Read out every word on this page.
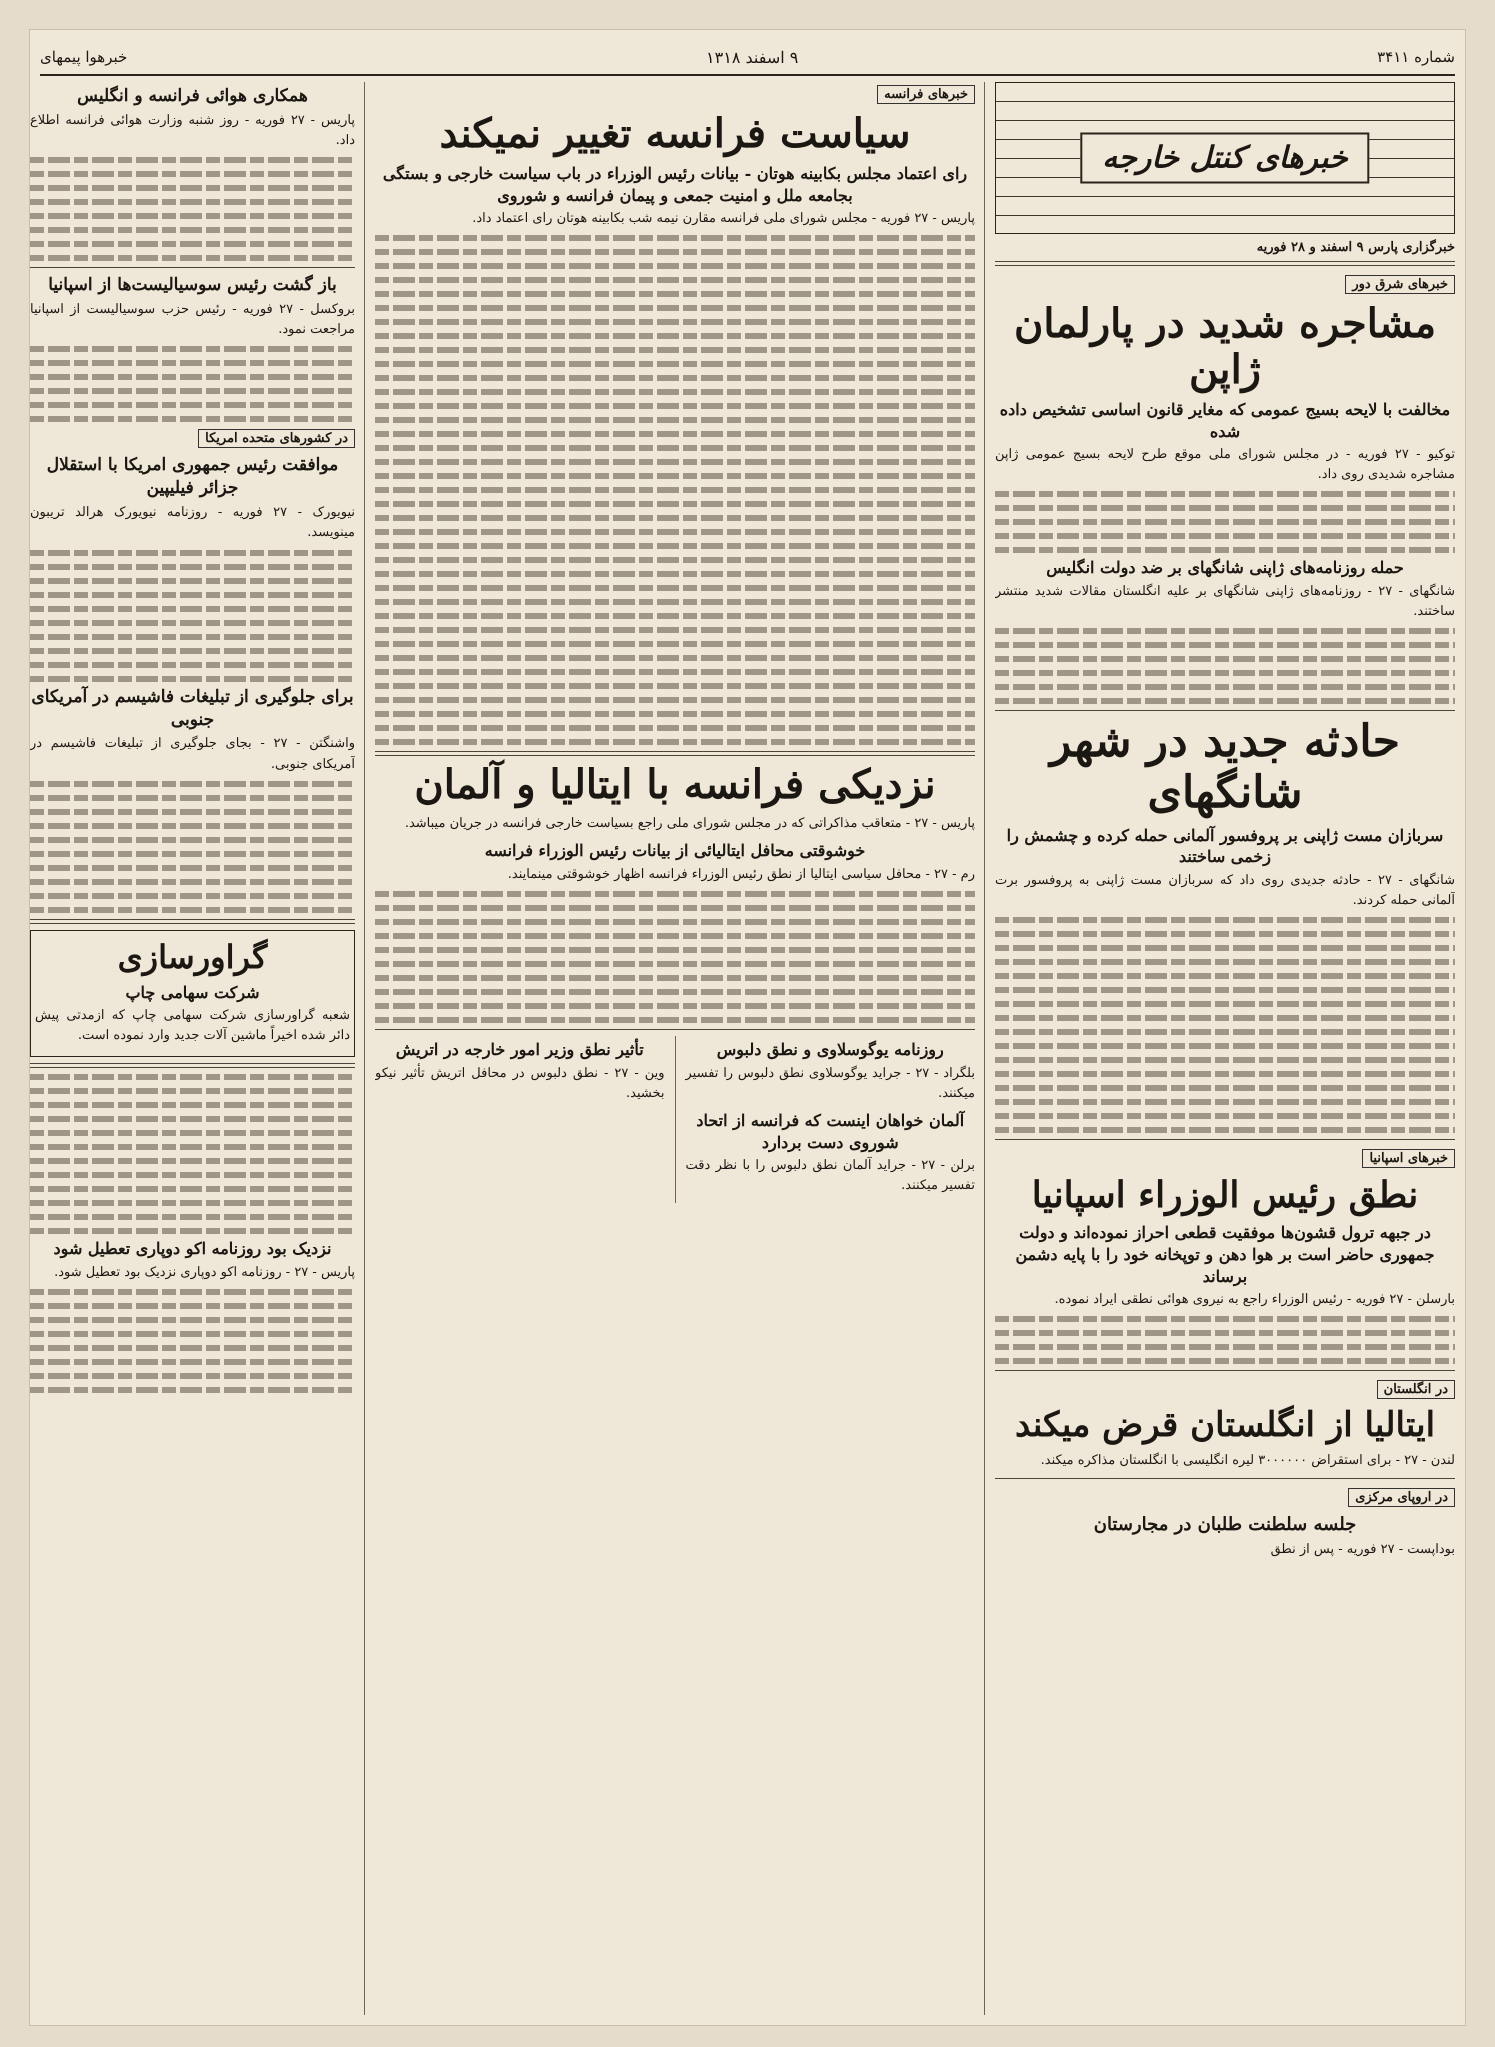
شماره ۳۴۱۱
۹ اسفند ۱۳۱۸
خبرهوا پیمهای
خبرهای کنتل خارجه
خبرگزاری پارس ۹ اسفند و ۲۸ فوریه
خبرهای شرق دور
مشاجره شدید در پارلمان ژاپن
مخالفت با لایحه بسیج عمومی که مغایر قانون اساسی تشخیص داده شده
توکیو - ۲۷ فوریه - در مجلس شورای ملی موقع طرح لایحه بسیج عمومی ژاپن مشاجره شدیدی روی داد.
حمله روزنامه‌های ژاپنی شانگهای بر ضد دولت انگلیس
شانگهای - ۲۷ - روزنامه‌های ژاپنی شانگهای بر علیه انگلستان مقالات شدید منتشر ساختند.
حادثه جدید در شهر شانگهای
سربازان مست ژاپنی بر پروفسور آلمانی حمله کرده و چشمش را زخمی ساختند
شانگهای - ۲۷ - حادثه جدیدی روی داد که سربازان مست ژاپنی به پروفسور برت آلمانی حمله کردند.
خبرهای اسپانیا
نطق رئیس الوزراء اسپانیا
در جبهه ترول قشون‌ها موفقیت قطعی احراز نموده‌اند و دولت جمهوری حاضر است بر هوا دهن و توپخانه خود را با پایه دشمن برساند
بارسلن - ۲۷ فوریه - رئیس الوزراء راجع به نیروی هوائی نطقی ایراد نموده.
در انگلستان
ایتالیا از انگلستان قرض میکند
لندن - ۲۷ - برای استقراض ۳۰۰۰۰۰۰ لیره انگلیسی با انگلستان مذاکره میکند.
در اروپای مرکزی
جلسه سلطنت طلبان در مجارستان
بوداپست - ۲۷ فوریه - پس از نطق
خبرهای فرانسه
سیاست فرانسه تغییر نمیکند
رای اعتماد مجلس بکابینه هوتان - بیانات رئیس الوزراء در باب سیاست خارجی و بستگی بجامعه ملل و امنیت جمعی و پیمان فرانسه و شوروی
پاریس - ۲۷ فوریه - مجلس شورای ملی فرانسه مقارن نیمه شب بکابینه هوتان رای اعتماد داد.
نزدیکی فرانسه با ایتالیا و آلمان
پاریس - ۲۷ - متعاقب مذاکراتی که در مجلس شورای ملی راجع بسیاست خارجی فرانسه در جریان میباشد.
خوشوقتی محافل ایتالیائی از بیانات رئیس الوزراء فرانسه
رم - ۲۷ - محافل سیاسی ایتالیا از نطق رئیس الوزراء فرانسه اظهار خوشوقتی مینمایند.
روزنامه یوگوسلاوی و نطق دلبوس
بلگراد - ۲۷ - جراید یوگوسلاوی نطق دلبوس را تفسیر میکنند.
آلمان خواهان اینست که فرانسه از اتحاد شوروی دست بردارد
برلن - ۲۷ - جراید آلمان نطق دلبوس را با نظر دقت تفسیر میکنند.
تأثیر نطق وزیر امور خارجه در اتریش
وین - ۲۷ - نطق دلبوس در محافل اتریش تأثیر نیکو بخشید.
همکاری هوائی فرانسه و انگلیس
پاریس - ۲۷ فوریه - روز شنبه وزارت هوائی فرانسه اطلاع داد.
باز گشت رئیس سوسیالیست‌ها از اسپانیا
بروکسل - ۲۷ فوریه - رئیس حزب سوسیالیست از اسپانیا مراجعت نمود.
در کشورهای متحده امریکا
موافقت رئیس جمهوری امریکا با استقلال جزائر فیلیپین
نیویورک - ۲۷ فوریه - روزنامه نیویورک هرالد تریبون مینویسد.
برای جلوگیری از تبلیغات فاشیسم در آمریکای جنوبی
واشنگتن - ۲۷ - بجای جلوگیری از تبلیغات فاشیسم در آمریکای جنوبی.
گراورسازی
شرکت سهامی چاپ
شعبه گراورسازی شرکت سهامی چاپ که ازمدتی پیش دائر شده اخیراً ماشین آلات جدید وارد نموده است.
نزدیک بود روزنامه اکو دوپاری تعطیل شود
پاریس - ۲۷ - روزنامه اکو دوپاری نزدیک بود تعطیل شود.
